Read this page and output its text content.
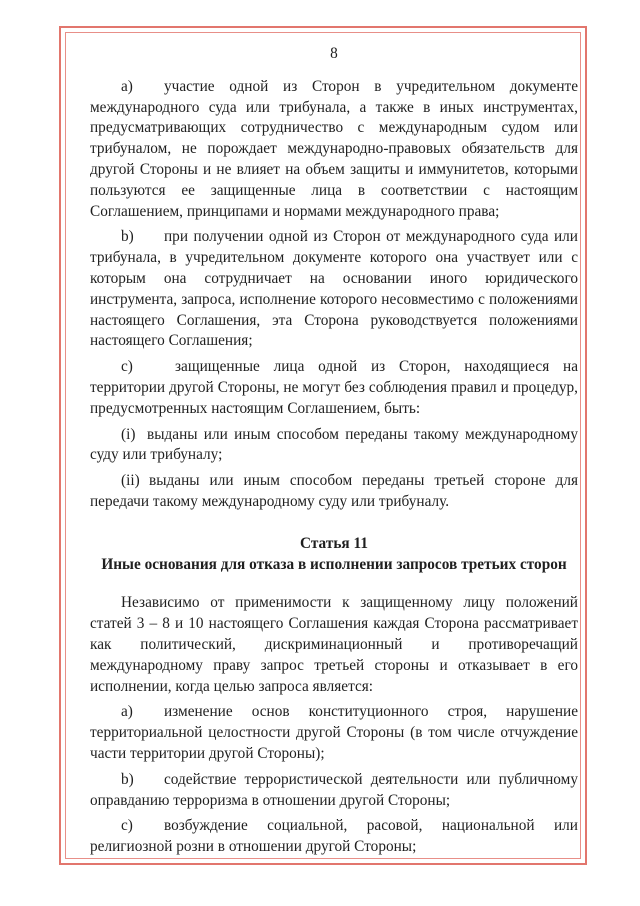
8

а) участие одной из Сторон в учредительном документе международного суда или трибунала, а также в иных инструментах, предусматривающих сотрудничество с международным судом или трибуналом, не порождает международно-правовых обязательств для другой Стороны и не влияет на объем защиты и иммунитетов, которыми пользуются ее защищенные лица в соответствии с настоящим Соглашением, принципами и нормами международного права;

b) при получении одной из Сторон от международного суда или трибунала, в учредительном документе которого она участвует или с которым она сотрудничает на основании иного юридического инструмента, запроса, исполнение которого несовместимо с положениями настоящего Соглашения, эта Сторона руководствуется положениями настоящего Соглашения;

с)	защищенные лица одной из Сторон, находящиеся на территории другой Стороны, не могут без соблюдения правил и процедур, предусмотренных настоящим Соглашением, быть:

(i) выданы или иным способом переданы такому международному суду или трибуналу;

(ii) выданы или иным способом переданы третьей стороне для передачи такому международному суду или трибуналу.

Статья 11

Иные основания для отказа в исполнении запросов третьих сторон

Независимо от применимости к защищенному лицу положений статей 3 – 8 и 10 настоящего Соглашения каждая Сторона рассматривает как политический, дискриминационный и противоречащий международному праву запрос третьей стороны и отказывает в его исполнении, когда целью запроса является:

а) изменение основ конституционного строя, нарушение территориальной целостности другой Стороны (в том числе отчуждение части территории другой Стороны);

b) содействие террористической деятельности или публичному оправданию терроризма в отношении другой Стороны;

с) возбуждение социальной, расовой, национальной или религиозной розни в отношении другой Стороны;
